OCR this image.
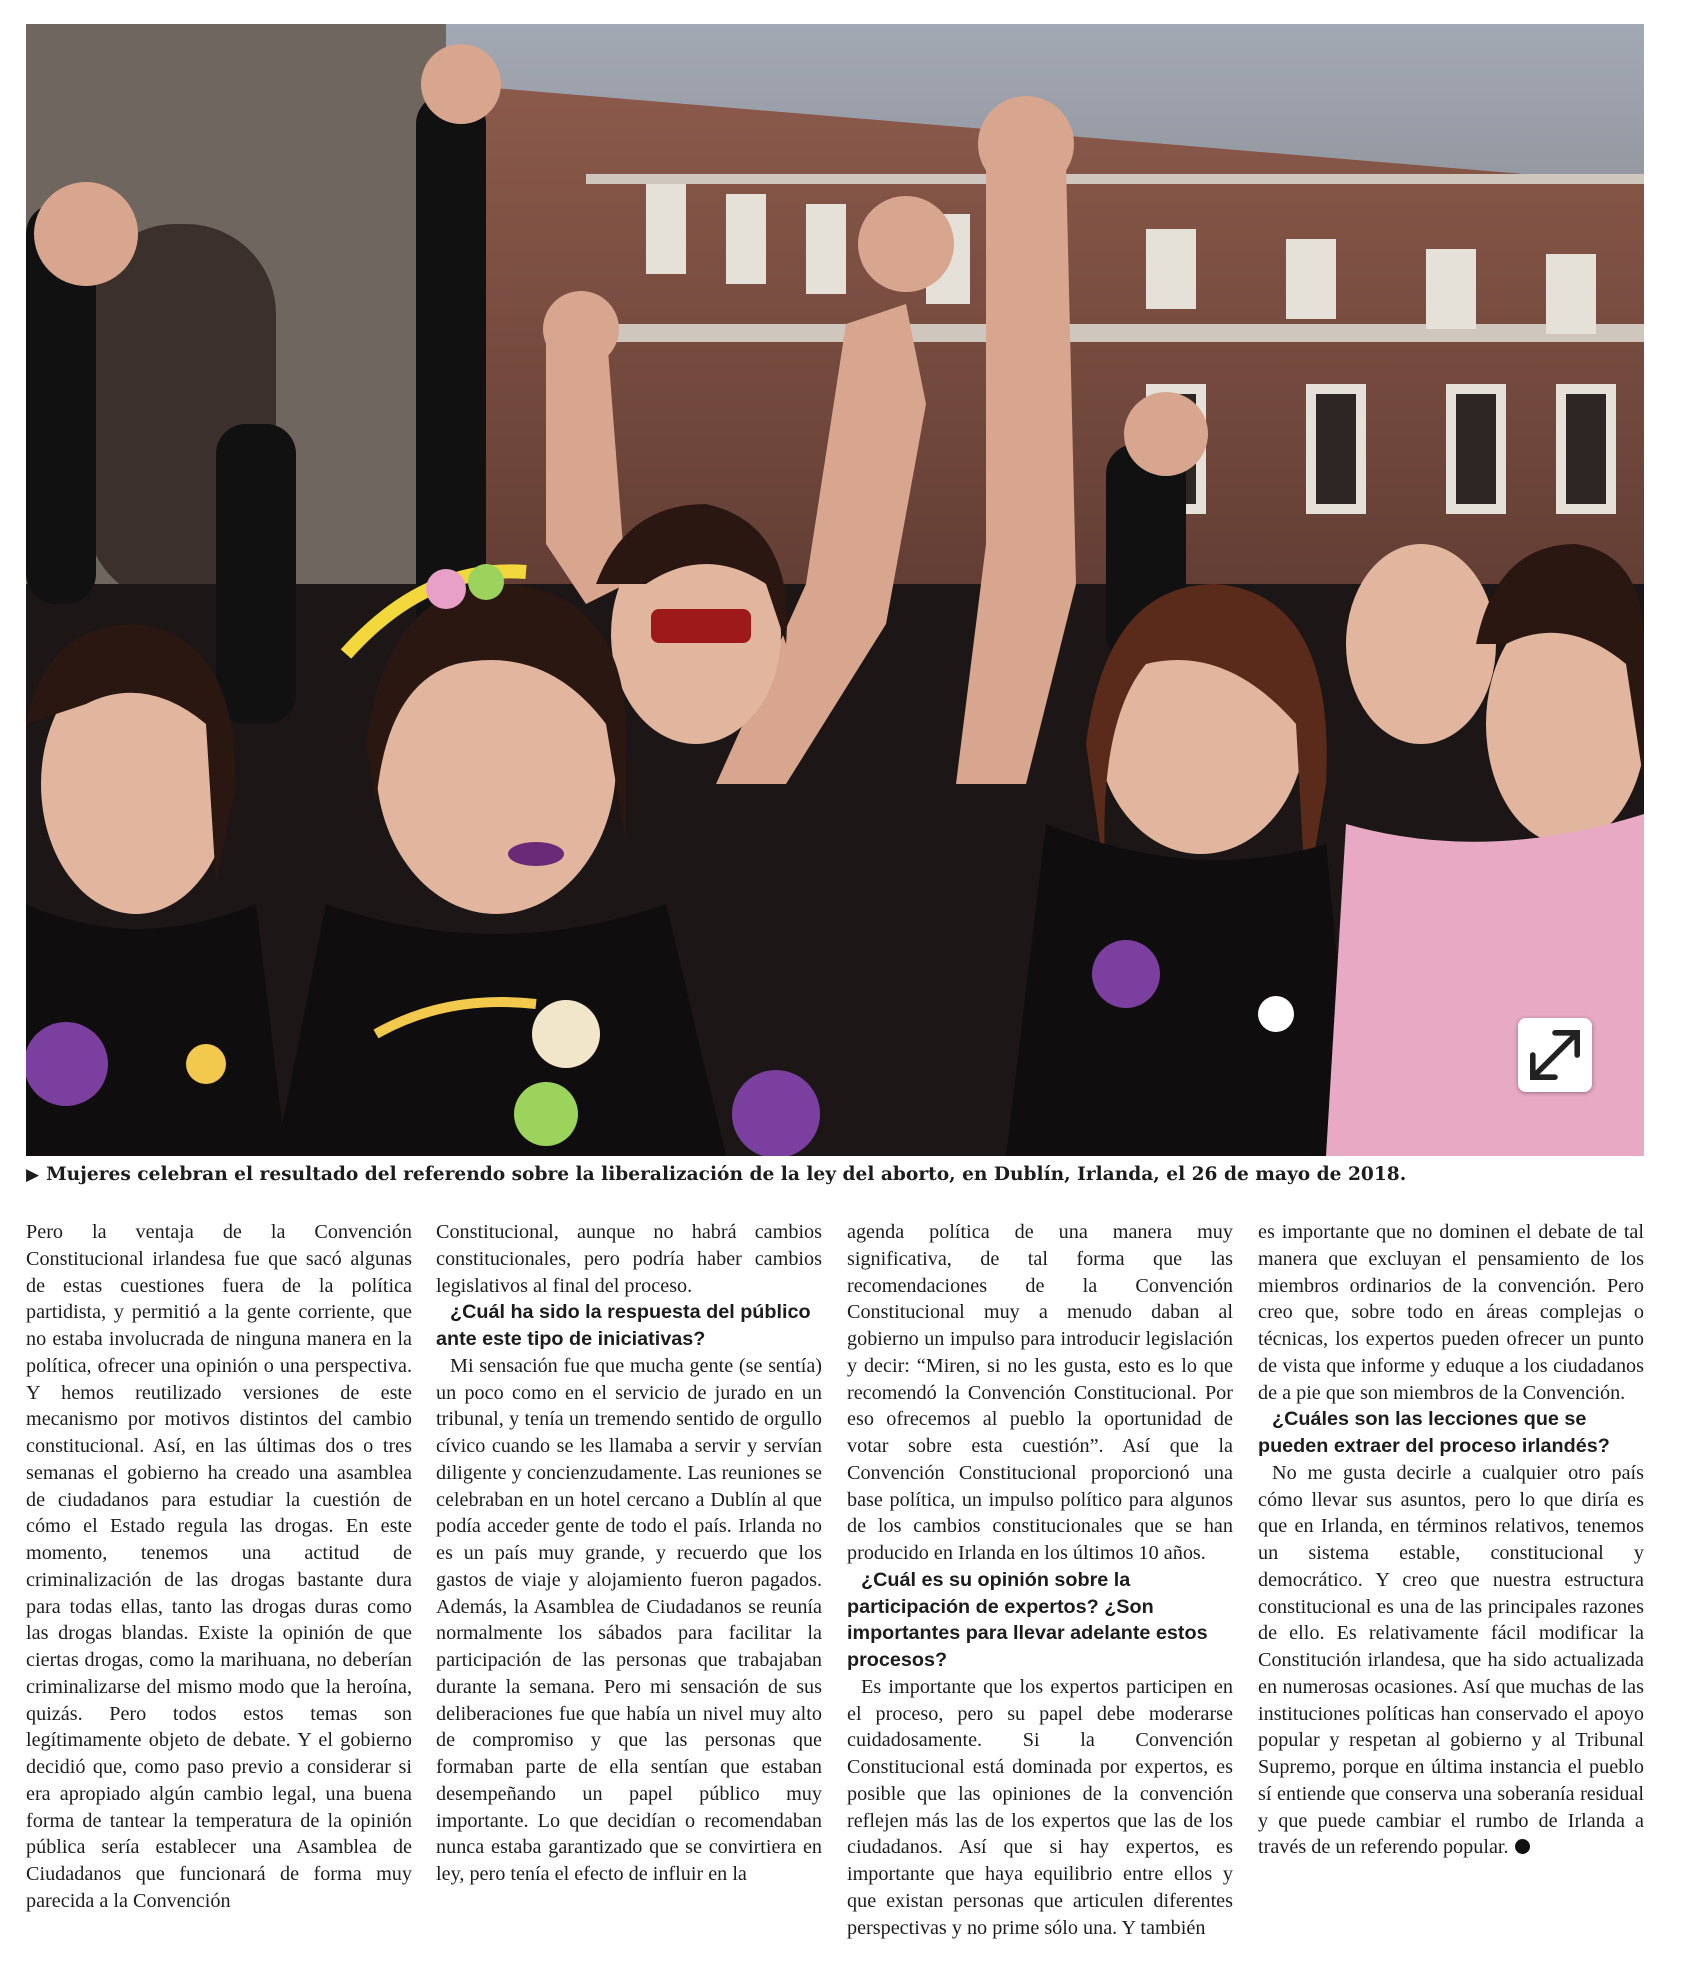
▶ Mujeres celebran el resultado del referendo sobre la liberalización de la ley del aborto, en Dublín, Irlanda, el 26 de mayo de 2018.

Pero la ventaja de la Convención Constitucional irlandesa fue que sacó algunas de estas cuestiones fuera de la política partidista, y permitió a la gente corriente, que no estaba involucrada de ninguna manera en la política, ofrecer una opinión o una perspectiva. Y hemos reutilizado versiones de este mecanismo por motivos distintos del cambio constitucional. Así, en las últimas dos o tres semanas el gobierno ha creado una asamblea de ciudadanos para estudiar la cuestión de cómo el Estado regula las drogas. En este momento, tenemos una actitud de criminalización de las drogas bastante dura para todas ellas, tanto las drogas duras como las drogas blandas. Existe la opinión de que ciertas drogas, como la marihuana, no deberían criminalizarse del mismo modo que la heroína, quizás. Pero todos estos temas son legítimamente objeto de debate. Y el gobierno decidió que, como paso previo a considerar si era apropiado algún cambio legal, una buena forma de tantear la temperatura de la opinión pública sería establecer una Asamblea de Ciudadanos que funcionará de forma muy parecida a la Convención

Constitucional, aunque no habrá cambios constitucionales, pero podría haber cambios legislativos al final del proceso.

¿Cuál ha sido la respuesta del público ante este tipo de iniciativas?

Mi sensación fue que mucha gente (se sentía) un poco como en el servicio de jurado en un tribunal, y tenía un tremendo sentido de orgullo cívico cuando se les llamaba a servir y servían diligente y concienzudamente. Las reuniones se celebraban en un hotel cercano a Dublín al que podía acceder gente de todo el país. Irlanda no es un país muy grande, y recuerdo que los gastos de viaje y alojamiento fueron pagados. Además, la Asamblea de Ciudadanos se reunía normalmente los sábados para facilitar la participación de las personas que trabajaban durante la semana. Pero mi sensación de sus deliberaciones fue que había un nivel muy alto de compromiso y que las personas que formaban parte de ella sentían que estaban desempeñando un papel público muy importante. Lo que decidían o recomendaban nunca estaba garantizado que se convirtiera en ley, pero tenía el efecto de influir en la

agenda política de una manera muy significativa, de tal forma que las recomendaciones de la Convención Constitucional muy a menudo daban al gobierno un impulso para introducir legislación y decir: “Miren, si no les gusta, esto es lo que recomendó la Convención Constitucional. Por eso ofrecemos al pueblo la oportunidad de votar sobre esta cuestión”. Así que la Convención Constitucional proporcionó una base política, un impulso político para algunos de los cambios constitucionales que se han producido en Irlanda en los últimos 10 años.

¿Cuál es su opinión sobre la participación de expertos? ¿Son importantes para llevar adelante estos procesos?

Es importante que los expertos participen en el proceso, pero su papel debe moderarse cuidadosamente. Si la Convención Constitucional está dominada por expertos, es posible que las opiniones de la convención reflejen más las de los expertos que las de los ciudadanos. Así que si hay expertos, es importante que haya equilibrio entre ellos y que existan personas que articulen diferentes perspectivas y no prime sólo una. Y también

es importante que no dominen el debate de tal manera que excluyan el pensamiento de los miembros ordinarios de la convención. Pero creo que, sobre todo en áreas complejas o técnicas, los expertos pueden ofrecer un punto de vista que informe y eduque a los ciudadanos de a pie que son miembros de la Convención.

¿Cuáles son las lecciones que se pueden extraer del proceso irlandés?

No me gusta decirle a cualquier otro país cómo llevar sus asuntos, pero lo que diría es que en Irlanda, en términos relativos, tenemos un sistema estable, constitucional y democrático. Y creo que nuestra estructura constitucional es una de las principales razones de ello. Es relativamente fácil modificar la Constitución irlandesa, que ha sido actualizada en numerosas ocasiones. Así que muchas de las instituciones políticas han conservado el apoyo popular y respetan al gobierno y al Tribunal Supremo, porque en última instancia el pueblo sí entiende que conserva una soberanía residual y que puede cambiar el rumbo de Irlanda a través de un referendo popular.
